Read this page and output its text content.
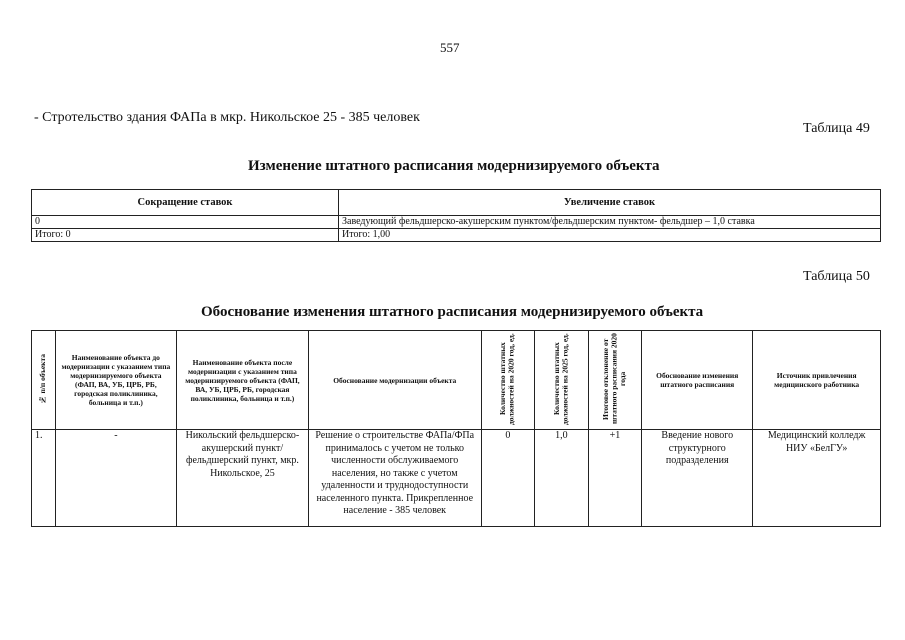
557
- Стротельство здания ФАПа в мкр. Никольское 25 - 385 человек
Таблица 49
Изменение штатного расписания модернизируемого объекта
Сокращение ставок	Увеличение ставок
0	Заведующий фельдшерско-акушерским пунктом/фельдшерским пунктом- фельдшер – 1,0 ставка
Итого: 0	Итого: 1,00
Таблица 50
Обоснование изменения штатного расписания модернизируемого объекта
№ п/п объекта	Наименование объекта до модернизации с указанием типа модернизируемого объекта (ФАП, ВА, УБ, ЦРБ, РБ, городская поликлиника, больница и т.п.)	Наименование объекта после модернизации с указанием типа модернизируемого объекта (ФАП, ВА, УБ, ЦРБ, РБ, городская поликлиника, больница и т.п.)	Обоснование модернизации объекта	Количество штатных должностей на 2020 год, ед.	Количество штатных должностей на 2025 год, ед.	Итоговое отклонение от штатного расписания 2020 года	Обоснование изменения штатного расписания	Источник привлечения медицинского работника
1.	-	Никольский фельдшерско-акушерский пункт/фельдшерский пункт, мкр. Никольское, 25	Решение о строительстве ФАПа/ФПа принималось с учетом не только численности обслуживаемого населения, но также с учетом удаленности и труднодоступности населенного пункта. Прикрепленное население - 385 человек	0	1,0	+1	Введение нового структурного подразделения	Медицинский колледж НИУ «БелГУ»
